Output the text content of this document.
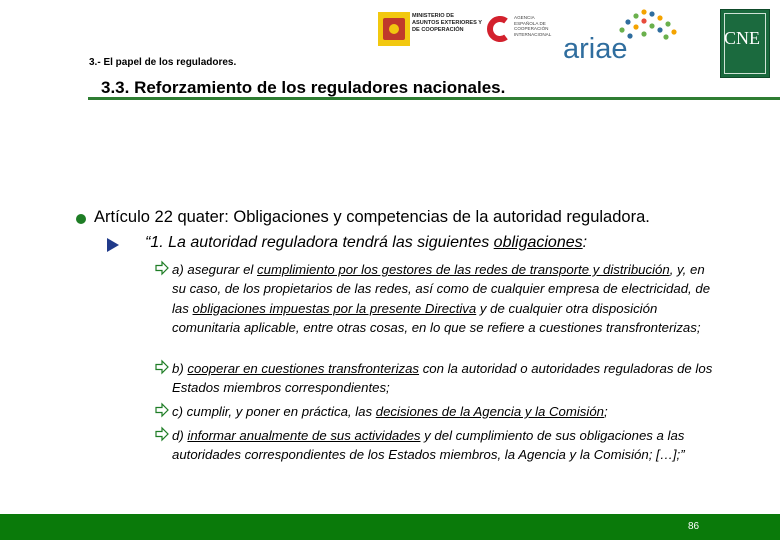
MINISTERIO DE ASUNTOS EXTERIORES Y DE COOPERACIÓN
AGENCIA ESPAÑOLA DE COOPERACIÓN INTERNACIONAL ariae	CNE
3.- El papel de los reguladores.
3.3. Reforzamiento de los reguladores nacionales.
Artículo 22 quater: Obligaciones y competencias de la autoridad reguladora.
“1. La autoridad reguladora tendrá las siguientes obligaciones:
a) asegurar el cumplimiento por los gestores de las redes de transporte y distribución, y, en su caso, de los propietarios de las redes, así como de cualquier empresa de electricidad, de las obligaciones impuestas por la presente Directiva y de cualquier otra disposición comunitaria aplicable, entre otras cosas, en lo que se refiere a cuestiones transfronterizas;
b) cooperar en cuestiones transfronterizas con la autoridad o autoridades reguladoras de los Estados miembros correspondientes;
c) cumplir, y poner en práctica, las decisiones de la Agencia y la Comisión;
d) informar anualmente de sus actividades y del cumplimiento de sus obligaciones a las autoridades correspondientes de los Estados miembros, la Agencia y la Comisión; […];”
86
